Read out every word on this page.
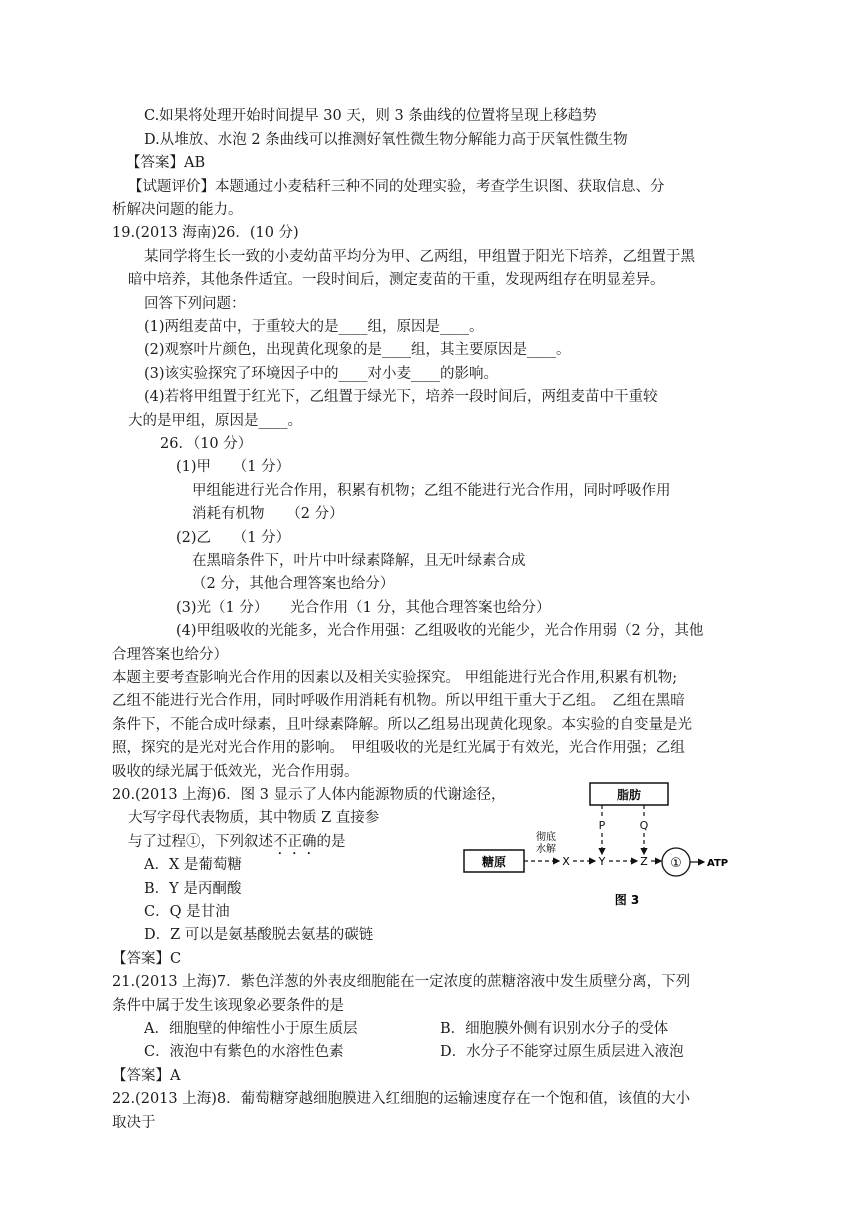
C.如果将处理开始时间提早 30 天，则 3 条曲线的位置将呈现上移趋势
D.从堆放、水泡 2 条曲线可以推测好氧性微生物分解能力高于厌氧性微生物
【答案】AB
【试题评价】本题通过小麦秸秆三种不同的处理实验，考查学生识图、获取信息、分
析解决问题的能力。
19.(2013 海南)26．(10 分)
某同学将生长一致的小麦幼苗平均分为甲、乙两组，甲组置于阳光下培养，乙组置于黑
暗中培养，其他条件适宜。一段时间后，测定麦苗的干重，发现两组存在明显差异。
回答下列问题：
(1)两组麦苗中，于重较大的是____组，原因是____。
(2)观察叶片颜色，出现黄化现象的是____组，其主要原因是____。
(3)该实验探究了环境因子中的____对小麦____的影响。
(4)若将甲组置于红光下，乙组置于绿光下，培养一段时间后，两组麦苗中干重较
大的是甲组，原因是____。
26．（10 分）
(1)甲　　（1 分）
甲组能进行光合作用，积累有机物；乙组不能进行光合作用，同时呼吸作用
消耗有机物　　（2 分）
(2)乙　　（1 分）
在黑暗条件下，叶片中叶绿素降解，且无叶绿素合成
（2 分，其他合理答案也给分）
(3)光（1 分）　　光合作用（1 分，其他合理答案也给分）
(4)甲组吸收的光能多，光合作用强：乙组吸收的光能少，光合作用弱（2 分，其他
合理答案也给分）
本题主要考查影响光合作用的因素以及相关实验探究。 甲组能进行光合作用,积累有机物;
乙组不能进行光合作用，同时呼吸作用消耗有机物。所以甲组干重大于乙组。　乙组在黑暗
条件下，不能合成叶绿素，且叶绿素降解。所以乙组易出现黄化现象。本实验的自变量是光
照，探究的是光对光合作用的影响。　甲组吸收的光是红光属于有效光，光合作用强；乙组
吸收的绿光属于低效光，光合作用弱。
20.(2013 上海)6．图 3 显示了人体内能源物质的代谢途径，
大写字母代表物质，其中物质 Z 直接参
与了过程①，下列叙述不正确的是
A．X 是葡萄糖
B．Y 是丙酮酸
C．Q 是甘油
D．Z 可以是氨基酸脱去氨基的碳链
【答案】C
脂肪
P	Q
糖原
彻底
水解
X	Y	Z ①	ATP
图 3
21.(2013 上海)7．紫色洋葱的外表皮细胞能在一定浓度的蔗糖溶液中发生质壁分离，下列
条件中属于发生该现象必要条件的是
A．细胞壁的伸缩性小于原生质层	B．细胞膜外侧有识别水分子的受体
C．液泡中有紫色的水溶性色素	D．水分子不能穿过原生质层进入液泡
【答案】A
22.(2013 上海)8．葡萄糖穿越细胞膜进入红细胞的运输速度存在一个饱和值，该值的大小
取决于
